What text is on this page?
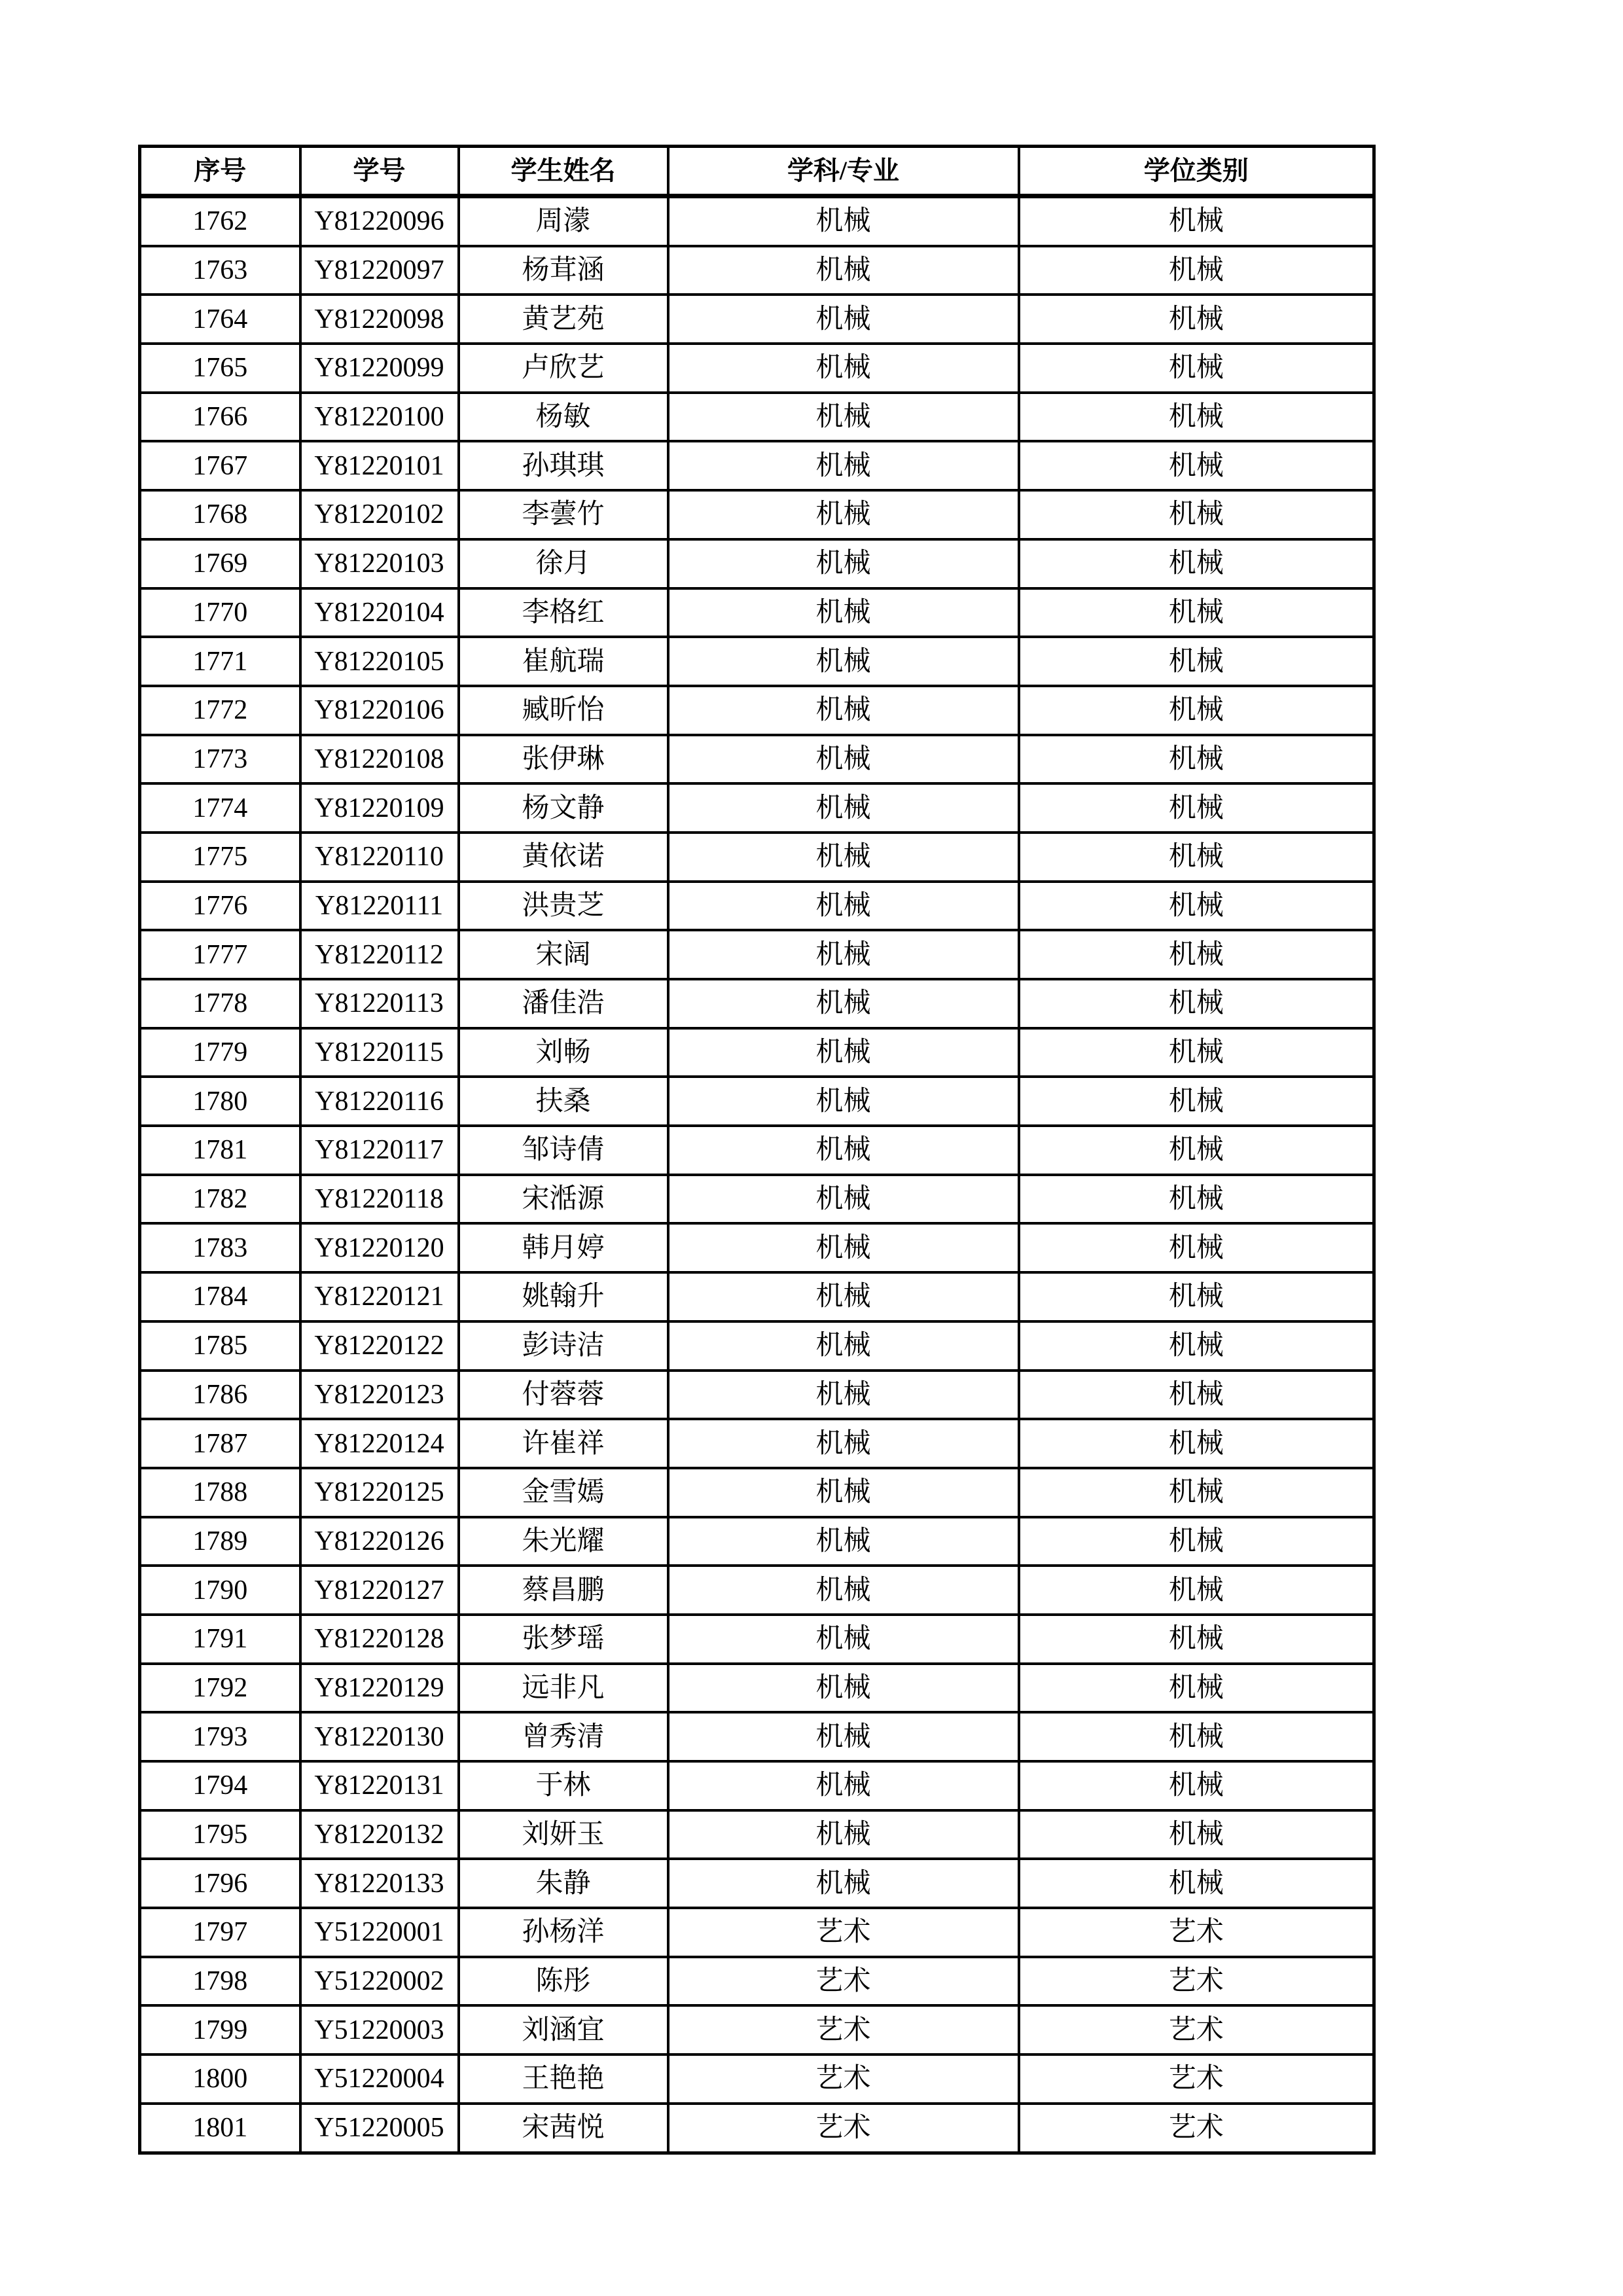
序号	学号	学生姓名	学科/专业	学位类别
1762	Y81220096	周濛	机械	机械
1763	Y81220097	杨茸涵	机械	机械
1764	Y81220098	黄艺苑	机械	机械
1765	Y81220099	卢欣艺	机械	机械
1766	Y81220100	杨敏	机械	机械
1767	Y81220101	孙琪琪	机械	机械
1768	Y81220102	李蕓竹	机械	机械
1769	Y81220103	徐月	机械	机械
1770	Y81220104	李格红	机械	机械
1771	Y81220105	崔航瑞	机械	机械
1772	Y81220106	臧昕怡	机械	机械
1773	Y81220108	张伊琳	机械	机械
1774	Y81220109	杨文静	机械	机械
1775	Y81220110	黄依诺	机械	机械
1776	Y81220111	洪贵芝	机械	机械
1777	Y81220112	宋阔	机械	机械
1778	Y81220113	潘佳浩	机械	机械
1779	Y81220115	刘畅	机械	机械
1780	Y81220116	扶桑	机械	机械
1781	Y81220117	邹诗倩	机械	机械
1782	Y81220118	宋湉源	机械	机械
1783	Y81220120	韩月婷	机械	机械
1784	Y81220121	姚翰升	机械	机械
1785	Y81220122	彭诗洁	机械	机械
1786	Y81220123	付蓉蓉	机械	机械
1787	Y81220124	许崔祥	机械	机械
1788	Y81220125	金雪嫣	机械	机械
1789	Y81220126	朱光耀	机械	机械
1790	Y81220127	蔡昌鹏	机械	机械
1791	Y81220128	张梦瑶	机械	机械
1792	Y81220129	远非凡	机械	机械
1793	Y81220130	曾秀清	机械	机械
1794	Y81220131	于林	机械	机械
1795	Y81220132	刘妍玉	机械	机械
1796	Y81220133	朱静	机械	机械
1797	Y51220001	孙杨洋	艺术	艺术
1798	Y51220002	陈彤	艺术	艺术
1799	Y51220003	刘涵宜	艺术	艺术
1800	Y51220004	王艳艳	艺术	艺术
1801	Y51220005	宋茜悦	艺术	艺术
